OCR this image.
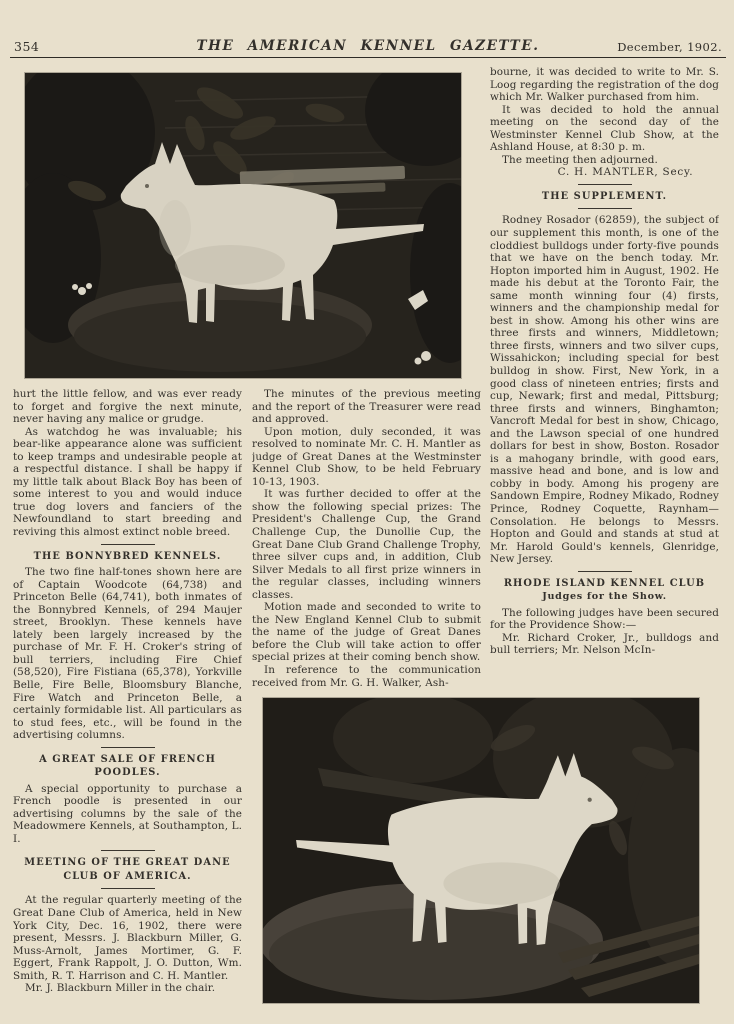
354	THE AMERICAN KENNEL GAZETTE.	December, 1902.

hurt the little fellow, and was ever ready to forget and forgive the next minute, never having any malice or grudge.

As watchdog he was invaluable; his bear-like appearance alone was sufficient to keep tramps and undesirable people at a respectful distance. I shall be happy if my little talk about Black Boy has been of some interest to you and would induce true dog lovers and fanciers of the Newfoundland to start breeding and reviving this almost extinct noble breed.

THE BONNYBRED KENNELS.

The two fine half-tones shown here are of Captain Woodcote (64,738) and Princeton Belle (64,741), both inmates of the Bonnybred Kennels, of 294 Maujer street, Brooklyn. These kennels have lately been largely increased by the purchase of Mr. F. H. Croker's string of bull terriers, including Fire Chief (58,520), Fire Fistiana (65,378), Yorkville Belle, Fire Belle, Bloomsbury Blanche, Fire Watch and Princeton Belle, a certainly formidable list. All particulars as to stud fees, etc., will be found in the advertising columns.

A GREAT SALE OF FRENCH POODLES.

A special opportunity to purchase a French poodle is presented in our advertising columns by the sale of the Meadowmere Kennels, at Southampton, L. I.

MEETING OF THE GREAT DANE CLUB OF AMERICA.

At the regular quarterly meeting of the Great Dane Club of America, held in New York City, Dec. 16, 1902, there were present, Messrs. J. Blackburn Miller, G. Muss-Arnolt, James Mortimer, G. F. Eggert, Frank Rappolt, J. O. Dutton, Wm. Smith, R. T. Harrison and C. H. Mantler.

Mr. J. Blackburn Miller in the chair.

The minutes of the previous meeting and the report of the Treasurer were read and approved.

Upon motion, duly seconded, it was resolved to nominate Mr. C. H. Mantler as judge of Great Danes at the Westminster Kennel Club Show, to be held February 10-13, 1903.

It was further decided to offer at the show the following special prizes: The President's Challenge Cup, the Grand Challenge Cup, the Dunollie Cup, the Great Dane Club Grand Challenge Trophy, three silver cups and, in addition, Club Silver Medals to all first prize winners in the regular classes, including winners classes.

Motion made and seconded to write to the New England Kennel Club to submit the name of the judge of Great Danes before the Club will take action to offer special prizes at their coming bench show.

In reference to the communication received from Mr. G. H. Walker, Ash-

bourne, it was decided to write to Mr. S. Loog regarding the registration of the dog which Mr. Walker purchased from him.

It was decided to hold the annual meeting on the second day of the Westminster Kennel Club Show, at the Ashland House, at 8:30 p. m.

The meeting then adjourned.

C. H. MANTLER, Secy.

THE SUPPLEMENT.

Rodney Rosador (62859), the subject of our supplement this month, is one of the cloddiest bulldogs under forty-five pounds that we have on the bench today. Mr. Hopton imported him in August, 1902. He made his debut at the Toronto Fair, the same month winning four (4) firsts, winners and the championship medal for best in show. Among his other wins are three firsts and winners, Middletown; three firsts, winners and two silver cups, Wissahickon; including special for best bulldog in show. First, New York, in a good class of nineteen entries; firsts and cup, Newark; first and medal, Pittsburg; three firsts and winners, Binghamton; Vancroft Medal for best in show, Chicago, and the Lawson special of one hundred dollars for best in show, Boston. Rosador is a mahogany brindle, with good ears, massive head and bone, and is low and cobby in body. Among his progeny are Sandown Empire, Rodney Mikado, Rodney Prince, Rodney Coquette, Raynham—Consolation. He belongs to Messrs. Hopton and Gould and stands at stud at Mr. Harold Gould's kennels, Glenridge, New Jersey.

RHODE ISLAND KENNEL CLUB
Judges for the Show.

The following judges have been secured for the Providence Show:—

Mr. Richard Croker, Jr., bulldogs and bull terriers; Mr. Nelson McIn-
